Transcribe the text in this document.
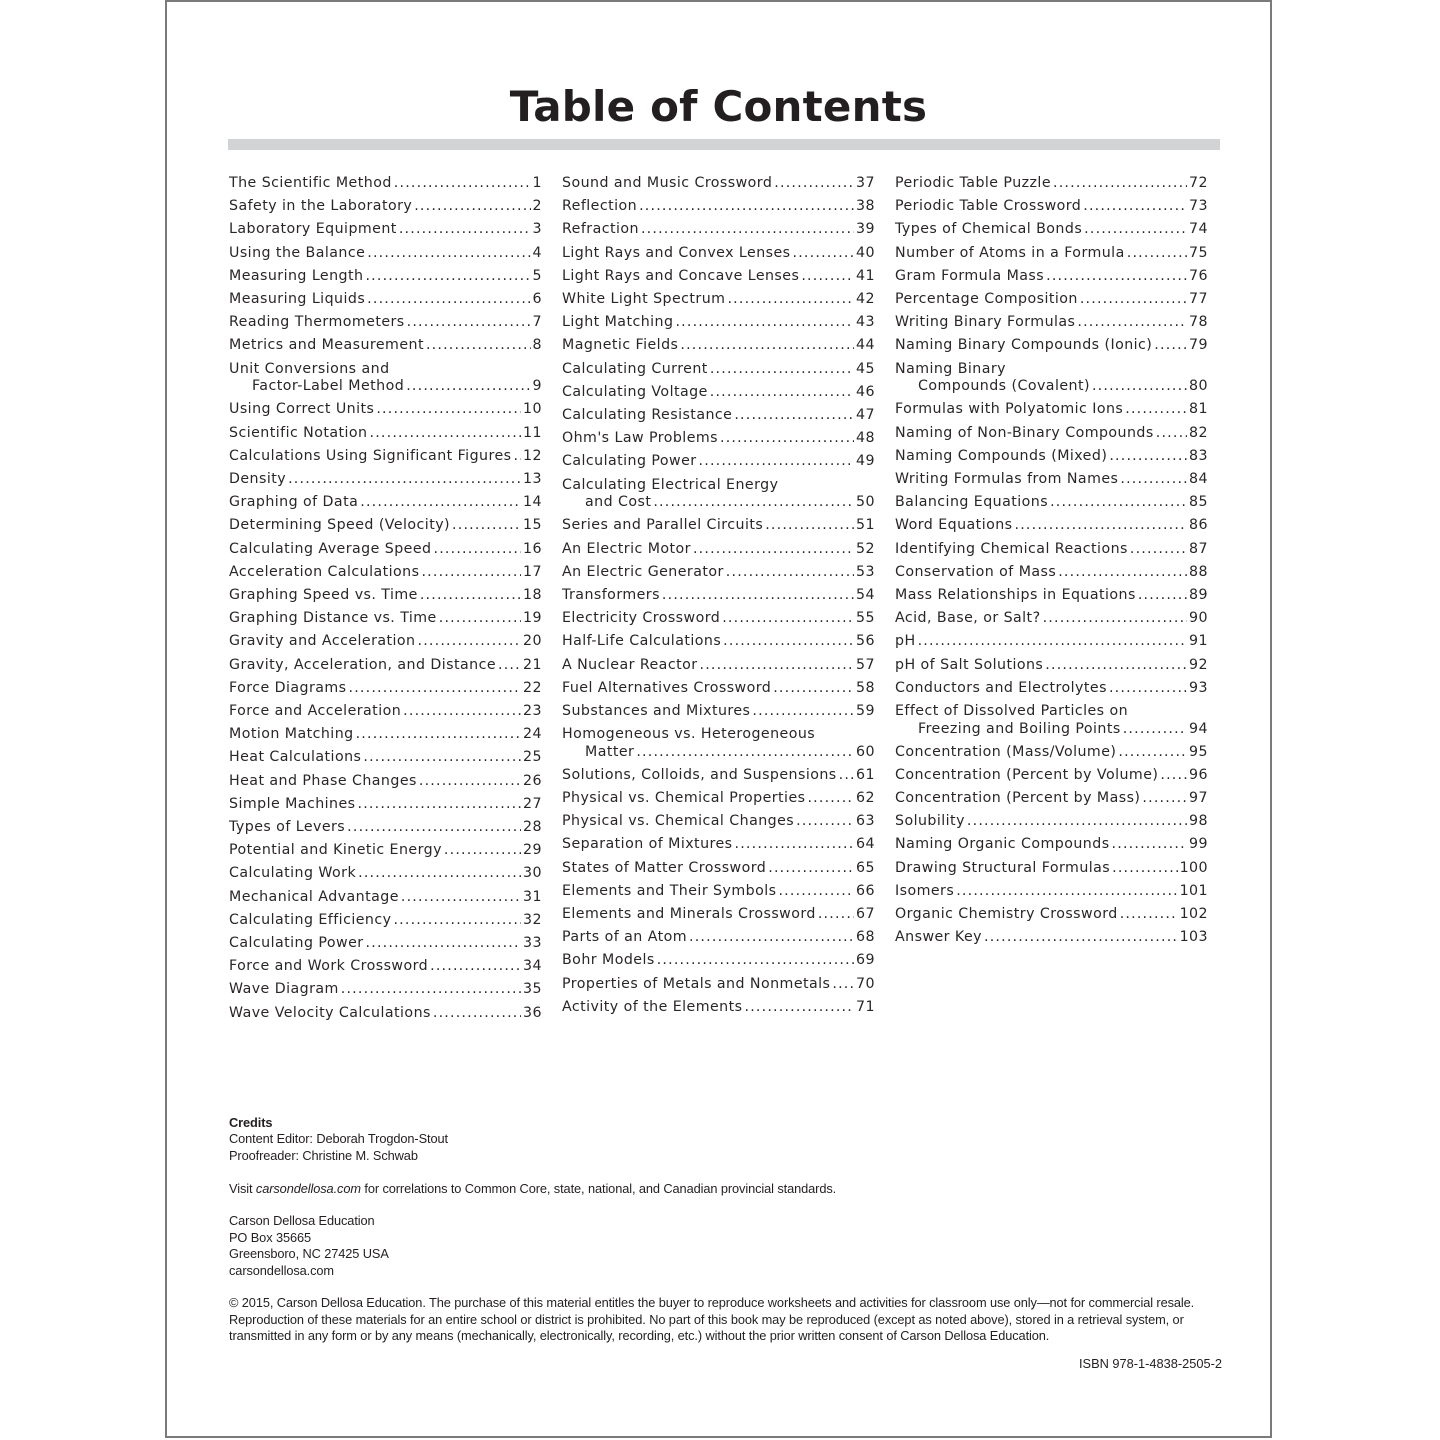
Table of Contents
The Scientific Method .....	1
Safety in the Laboratory .....	2
Laboratory Equipment .....	3
Using the Balance .....	4
Measuring Length .....	5
Measuring Liquids .....	6
Reading Thermometers .....	7
Metrics and Measurement .....	8
Unit Conversions and
Factor-Label Method .....	9
Using Correct Units .....	10
Scientific Notation .....	11
Calculations Using Significant Figures ..... 12
Density .....	13
Graphing of Data .....	14
Determining Speed (Velocity) .....	15
Calculating Average Speed .....	16
Acceleration Calculations .....	17
Graphing Speed vs. Time .....	18
Graphing Distance vs. Time .....	19
Gravity and Acceleration .....	20
Gravity, Acceleration, and Distance ..... 21
Force Diagrams .....	22
Force and Acceleration .....	23
Motion Matching .....	24
Heat Calculations .....	25
Heat and Phase Changes .....	26
Simple Machines .....	27
Types of Levers .....	28
Potential and Kinetic Energy .....	29
Calculating Work .....	30
Mechanical Advantage .....	31
Calculating Efficiency .....	32
Calculating Power .....	33
Force and Work Crossword .....	34
Wave Diagram .....	35
Wave Velocity Calculations .....	36
Sound and Music Crossword .....	37
Reflection .....	38
Refraction .....	39
Light Rays and Convex Lenses .....	40
Light Rays and Concave Lenses .....	41
White Light Spectrum .....	42
Light Matching .....	43
Magnetic Fields .....	44
Calculating Current .....	45
Calculating Voltage .....	46
Calculating Resistance .....	47
Ohm's Law Problems .....	48
Calculating Power .....	49
Calculating Electrical Energy
and Cost .....	50
Series and Parallel Circuits .....	51
An Electric Motor .....	52
An Electric Generator .....	53
Transformers .....	54
Electricity Crossword .....	55
Half-Life Calculations .....	56
A Nuclear Reactor .....	57
Fuel Alternatives Crossword .....	58
Substances and Mixtures .....	59
Homogeneous vs. Heterogeneous
Matter .....	60
Solutions, Colloids, and Suspensions ..... 61
Physical vs. Chemical Properties .....	62
Physical vs. Chemical Changes .....	63
Separation of Mixtures .....	64
States of Matter Crossword .....	65
Elements and Their Symbols .....	66
Elements and Minerals Crossword .....	67
Parts of an Atom .....	68
Bohr Models .....	69
Properties of Metals and Nonmetals ..... 70
Activity of the Elements .....	71
Periodic Table Puzzle .....	72
Periodic Table Crossword .....	73
Types of Chemical Bonds .....	74
Number of Atoms in a Formula .....	75
Gram Formula Mass .....	76
Percentage Composition .....	77
Writing Binary Formulas .....	78
Naming Binary Compounds (Ionic) .....	79
Naming Binary
Compounds (Covalent) .....	80
Formulas with Polyatomic Ions .....	81
Naming of Non-Binary Compounds ..... 82
Naming Compounds (Mixed) .....	83
Writing Formulas from Names .....	84
Balancing Equations .....	85
Word Equations .....	86
Identifying Chemical Reactions .....	87
Conservation of Mass .....	88
Mass Relationships in Equations .....	89
Acid, Base, or Salt? .....	90
pH .....	91
pH of Salt Solutions .....	92
Conductors and Electrolytes .....	93
Effect of Dissolved Particles on
Freezing and Boiling Points .....	94
Concentration (Mass/Volume) .....	95
Concentration (Percent by Volume) ..... 96
Concentration (Percent by Mass) .....	97
Solubility .....	98
Naming Organic Compounds .....	99
Drawing Structural Formulas .....	100
Isomers .....	101
Organic Chemistry Crossword .....	102
Answer Key .....	103
Credits
Content Editor: Deborah Trogdon-Stout
Proofreader: Christine M. Schwab
Visit carsondellosa.com for correlations to Common Core, state, national, and Canadian provincial standards.
Carson Dellosa Education
PO Box 35665
Greensboro, NC 27425 USA
carsondellosa.com
© 2015, Carson Dellosa Education. The purchase of this material entitles the buyer to reproduce worksheets and activities for classroom use only—not for commercial resale. Reproduction of these materials for an entire school or district is prohibited. No part of this book may be reproduced (except as noted above), stored in a retrieval system, or transmitted in any form or by any means (mechanically, electronically, recording, etc.) without the prior written consent of Carson Dellosa Education.
ISBN 978-1-4838-2505-2
